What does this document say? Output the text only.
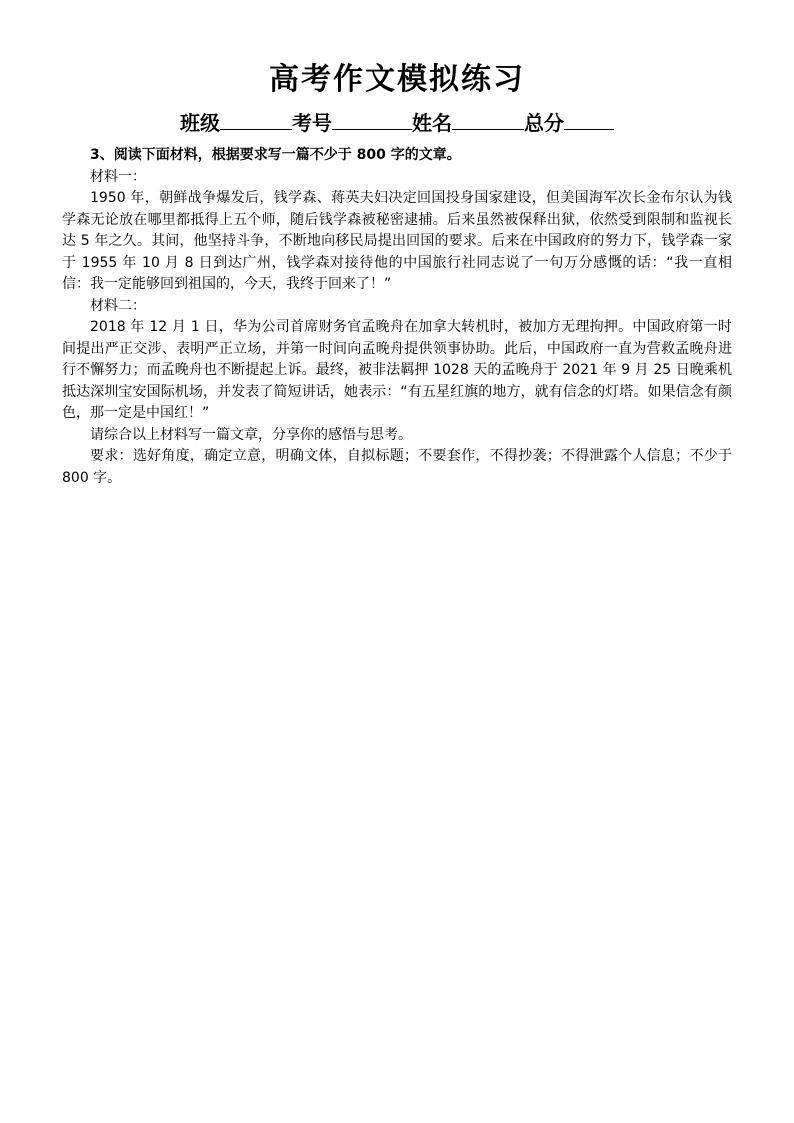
高考作文模拟练习
班级	考号	姓名	总分

3、阅读下面材料，根据要求写一篇不少于 800 字的文章。

材料一：

1950 年，朝鲜战争爆发后，钱学森、蒋英夫妇决定回国投身国家建设，但美国海军次长金布尔认为钱学森无论放在哪里都抵得上五个师，随后钱学森被秘密逮捕。后来虽然被保释出狱，依然受到限制和监视长达 5 年之久。其间，他坚持斗争，不断地向移民局提出回国的要求。后来在中国政府的努力下，钱学森一家于 1955 年 10 月 8 日到达广州，钱学森对接待他的中国旅行社同志说了一句万分感慨的话：“我一直相信：我一定能够回到祖国的，今天，我终于回来了！”

材料二：

2018 年 12 月 1 日，华为公司首席财务官孟晚舟在加拿大转机时，被加方无理拘押。中国政府第一时间提出严正交涉、表明严正立场，并第一时间向孟晚舟提供领事协助。此后，中国政府一直为营救孟晚舟进行不懈努力；而孟晚舟也不断提起上诉。最终，被非法羁押 1028 天的孟晚舟于 2021 年 9 月 25 日晚乘机抵达深圳宝安国际机场，并发表了简短讲话，她表示：“有五星红旗的地方，就有信念的灯塔。如果信念有颜色，那一定是中国红！”

请综合以上材料写一篇文章，分享你的感悟与思考。

要求：选好角度，确定立意，明确文体，自拟标题；不要套作，不得抄袭；不得泄露个人信息；不少于 800 字。
